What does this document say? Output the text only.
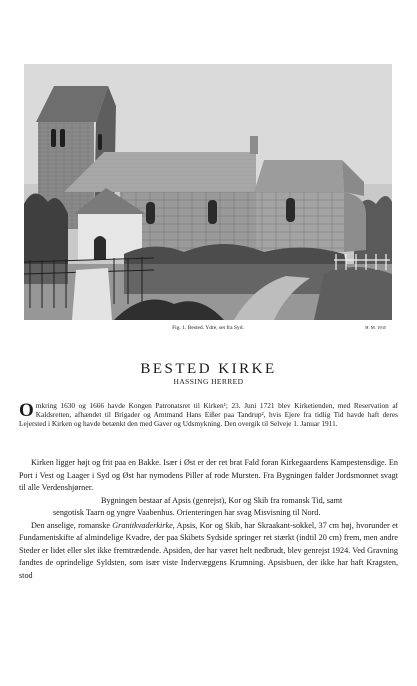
Fig. 1. Bested. Ydre, set fra Syd.	H. M. 1935
BESTED KIRKE
HASSING HERRED
Omkring 1630 og 1666 havde Kongen Patronatsret til Kirken¹; 23. Juni 1721 blev Kirketienden, med Reservation af Kaldsretten, afhændet til Brigader og Amtmand Hans Eißer paa Tandrup², hvis Ejere fra tidlig Tid havde haft deres Lejersted i Kirken og havde betænkt den med Gaver og Udsmykning. Den overgik til Selveje 1. Januar 1911.

Kirken ligger højt og frit paa en Bakke. Især i Øst er der ret brat Fald foran Kirkegaardens Kampestensdige. En Port i Vest og Laager i Syd og Øst har nymodens Piller af rode Mursten. Fra Bygningen falder Jordsmonnet svagt til alle Verdenshjørner.

Bygningen bestaar af Apsis (genrejst), Kor og Skib fra romansk Tid, samt

sengotisk Taarn og yngre Vaabenhus. Orienteringen har svag Misvisning til Nord.

Den anselige, romanske Granitkvaderkirke, Apsis, Kor og Skib, har Skraakant-sokkel, 37 cm høj, hvorunder et Fundamentskifte af almindelige Kvadre, der paa Skibets Sydside springer ret stærkt (indtil 20 cm) frem, men andre Steder er lidet eller slet ikke fremtrædende. Apsiden, der har været helt nedbrudt, blev genrejst 1924. Ved Gravning fandtes de oprindelige Syldsten, som især viste Indervæggens Krumning. Apsisbuen, der ikke har haft Kragsten, stod
